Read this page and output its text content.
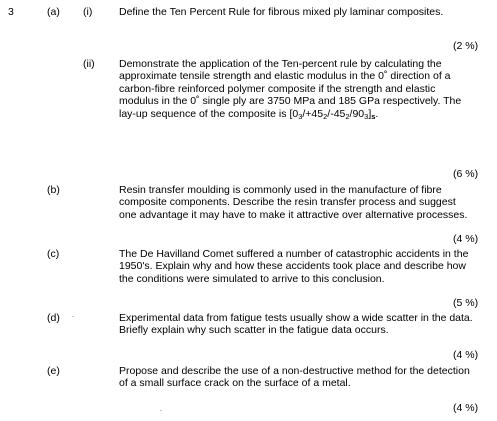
3	(a) (i)	Define the Ten Percent Rule for fibrous mixed ply laminar composites.
(2 %)
(ii) Demonstrate the application of the Ten-percent rule by calculating the approximate tensile strength and elastic modulus in the 0˚ direction of a carbon-fibre reinforced polymer composite if the strength and elastic modulus in the 0˚ single ply are 3750 MPa and 185 GPa respectively. The lay-up sequence of the composite is [03/+452/-452/903]s.
(6 %)
(b)	Resin transfer moulding is commonly used in the manufacture of fibre composite components. Describe the resin transfer process and suggest one advantage it may have to make it attractive over alternative processes.
(4 %)
(c)	The De Havilland Comet suffered a number of catastrophic accidents in the 1950's. Explain why and how these accidents took place and describe how the conditions were simulated to arrive to this conclusion.
(5 %)
(d)	Experimental data from fatigue tests usually show a wide scatter in the data. Briefly explain why such scatter in the fatigue data occurs.
(4 %)
(e)	Propose and describe the use of a non-destructive method for the detection of a small surface crack on the surface of a metal.
(4 %)
